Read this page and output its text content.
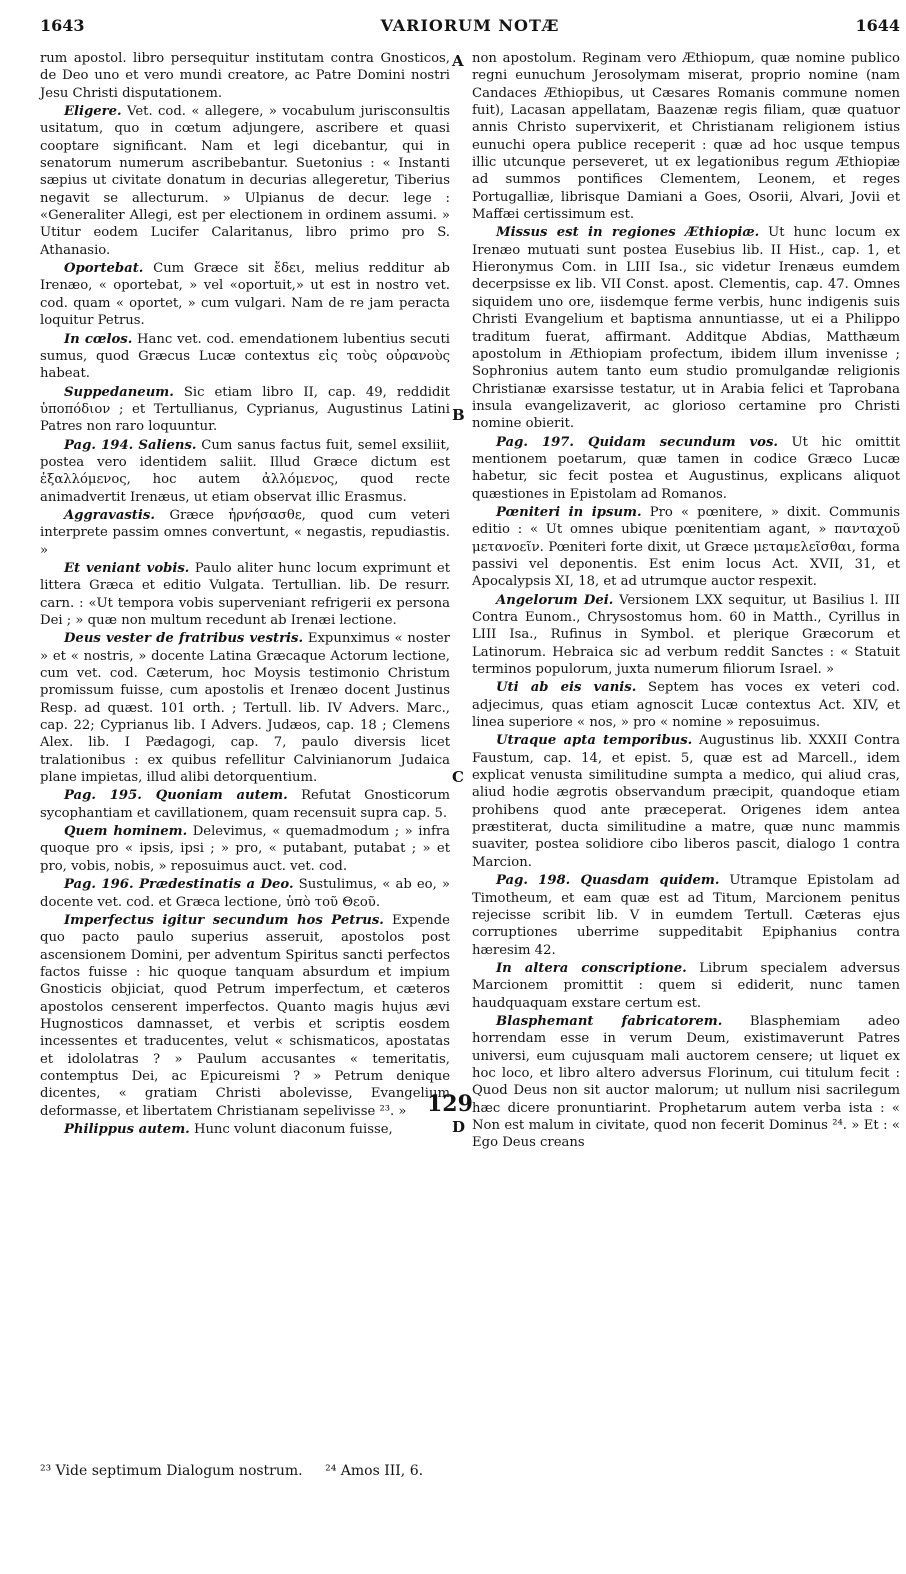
1643	VARIORUM NOTÆ	1644

rum apostol. libro persequitur institutam contra Gnosticos, de Deo uno et vero mundi creatore, ac Patre Domini nostri Jesu Christi disputationem.

Eligere. Vet. cod. « allegere, » vocabulum jurisconsultis usitatum, quo in cœtum adjungere, ascribere et quasi cooptare significant. Nam et legi dicebantur, qui in senatorum numerum ascribebantur. Suetonius : « Instanti sæpius ut civitate donatum in decurias allegeretur, Tiberius negavit se allecturum. » Ulpianus de decur. lege : «Generaliter Allegi, est per electionem in ordinem assumi. » Utitur eodem Lucifer Calaritanus, libro primo pro S. Athanasio.

Oportebat. Cum Græce sit ἔδει, melius redditur ab Irenæo, « oportebat, » vel «oportuit,» ut est in nostro vet. cod. quam « oportet, » cum vulgari. Nam de re jam peracta loquitur Petrus.

In cœlos. Hanc vet. cod. emendationem lubentius secuti sumus, quod Græcus Lucæ contextus εἰς τοὺς οὐρανοὺς habeat.

Suppedaneum. Sic etiam libro II, cap. 49, reddidit ὑποπόδιον ; et Tertullianus, Cyprianus, Augustinus Latini Patres non raro loquuntur.

Pag. 194. Saliens. Cum sanus factus fuit, semel exsiliit, postea vero identidem saliit. Illud Græce dictum est ἐξαλλόμενος, hoc autem ἀλλόμενος, quod recte animadvertit Irenæus, ut etiam observat illic Erasmus.

Aggravastis. Græce ἠρνήσασθε, quod cum veteri interprete passim omnes convertunt, « negastis, repudiastis. »

Et veniant vobis. Paulo aliter hunc locum exprimunt et littera Græca et editio Vulgata. Tertullian. lib. De resurr. carn. : «Ut tempora vobis superveniant refrigerii ex persona Dei ; » quæ non multum recedunt ab Irenæi lectione.

Deus vester de fratribus vestris. Expunximus « noster » et « nostris, » docente Latina Græcaque Actorum lectione, cum vet. cod. Cæterum, hoc Moysis testimonio Christum promissum fuisse, cum apostolis et Irenæo docent Justinus Resp. ad quæst. 101 orth. ; Tertull. lib. IV Advers. Marc., cap. 22; Cyprianus lib. I Advers. Judæos, cap. 18 ; Clemens Alex. lib. I Pædagogi, cap. 7, paulo diversis licet tralationibus : ex quibus refellitur Calvinianorum Judaica plane impietas, illud alibi detorquentium.

Pag. 195. Quoniam autem. Refutat Gnosticorum sycophantiam et cavillationem, quam recensuit supra cap. 5.

Quem hominem. Delevimus, « quemadmodum ; » infra quoque pro « ipsis, ipsi ; » pro, « putabant, putabat ; » et pro, vobis, nobis, » reposuimus auct. vet. cod.

Pag. 196. Prædestinatis a Deo. Sustulimus, « ab eo, » docente vet. cod. et Græca lectione, ὑπὸ τοῦ Θεοῦ.

Imperfectus igitur secundum hos Petrus. Expende quo pacto paulo superius asseruit, apostolos post ascensionem Domini, per adventum Spiritus sancti perfectos factos fuisse : hic quoque tanquam absurdum et impium Gnosticis objiciat, quod Petrum imperfectum, et cæteros apostolos censerent imperfectos. Quanto magis hujus ævi Hugnosticos damnasset, et verbis et scriptis eosdem incessentes et traducentes, velut « schismaticos, apostatas et idololatras ? » Paulum accusantes « temeritatis, contemptus Dei, ac Epicureismi ? » Petrum denique dicentes, « gratiam Christi abolevisse, Evangelium deformasse, et libertatem Christianam sepelivisse ²³. »

Philippus autem. Hunc volunt diaconum fuisse,

non apostolum. Reginam vero Æthiopum, quæ nomine publico regni eunuchum Jerosolymam miserat, proprio nomine (nam Candaces Æthiopibus, ut Cæsares Romanis commune nomen fuit), Lacasan appellatam, Baazenæ regis filiam, quæ quatuor annis Christo supervixerit, et Christianam religionem istius eunuchi opera publice receperit : quæ ad hoc usque tempus illic utcunque perseveret, ut ex legationibus regum Æthiopiæ ad summos pontifices Clementem, Leonem, et reges Portugalliæ, librisque Damiani a Goes, Osorii, Alvari, Jovii et Maffæi certissimum est.

Missus est in regiones Æthiopiæ. Ut hunc locum ex Irenæo mutuati sunt postea Eusebius lib. II Hist., cap. 1, et Hieronymus Com. in LIII Isa., sic videtur Irenæus eumdem decerpsisse ex lib. VII Const. apost. Clementis, cap. 47. Omnes siquidem uno ore, iisdemque ferme verbis, hunc indigenis suis Christi Evangelium et baptisma annuntiasse, ut ei a Philippo traditum fuerat, affirmant. Additque Abdias, Matthæum apostolum in Æthiopiam profectum, ibidem illum invenisse ; Sophronius autem tanto eum studio promulgandæ religionis Christianæ exarsisse testatur, ut in Arabia felici et Taprobana insula evangelizaverit, ac glorioso certamine pro Christi nomine obierit.

Pag. 197. Quidam secundum vos. Ut hic omittit mentionem poetarum, quæ tamen in codice Græco Lucæ habetur, sic fecit postea et Augustinus, explicans aliquot quæstiones in Epistolam ad Romanos.

Pœniteri in ipsum. Pro « pœnitere, » dixit. Communis editio : « Ut omnes ubique pœnitentiam agant, » πανταχοῦ μετανοεῖν. Pœniteri forte dixit, ut Græce μεταμελεῖσθαι, forma passivi vel deponentis. Est enim locus Act. XVII, 31, et Apocalypsis XI, 18, et ad utrumque auctor respexit.

Angelorum Dei. Versionem LXX sequitur, ut Basilius l. III Contra Eunom., Chrysostomus hom. 60 in Matth., Cyrillus in LIII Isa., Rufinus in Symbol. et plerique Græcorum et Latinorum. Hebraica sic ad verbum reddit Sanctes : « Statuit terminos populorum, juxta numerum filiorum Israel. »

Uti ab eis vanis. Septem has voces ex veteri cod. adjecimus, quas etiam agnoscit Lucæ contextus Act. XIV, et linea superiore « nos, » pro « nomine » reposuimus.

Utraque apta temporibus. Augustinus lib. XXXII Contra Faustum, cap. 14, et epist. 5, quæ est ad Marcell., idem explicat venusta similitudine sumpta a medico, qui aliud cras, aliud hodie ægrotis observandum præcipit, quandoque etiam prohibens quod ante præceperat. Origenes idem antea præstiterat, ducta similitudine a matre, quæ nunc mammis suaviter, postea solidiore cibo liberos pascit, dialogo 1 contra Marcion.

Pag. 198. Quasdam quidem. Utramque Epistolam ad Timotheum, et eam quæ est ad Titum, Marcionem penitus rejecisse scribit lib. V in eumdem Tertull. Cæteras ejus corruptiones uberrime suppeditabit Epiphanius contra hæresim 42.

In altera conscriptione. Librum specialem adversus Marcionem promittit : quem si ediderit, nunc tamen haudquaquam exstare certum est.

Blasphemant fabricatorem. Blasphemiam adeo horrendam esse in verum Deum, existimaverunt Patres universi, eum cujusquam mali auctorem censere; ut liquet ex hoc loco, et libro altero adversus Florinum, cui titulum fecit : Quod Deus non sit auctor malorum; ut nullum nisi sacrilegum hæc dicere pronuntiarint. Prophetarum autem verba ista : « Non est malum in civitate, quod non fecerit Dominus ²⁴. » Et : « Ego Deus creans

A
B
C
D
129
²³ Vide septimum Dialogum nostrum. ²⁴ Amos III, 6.
